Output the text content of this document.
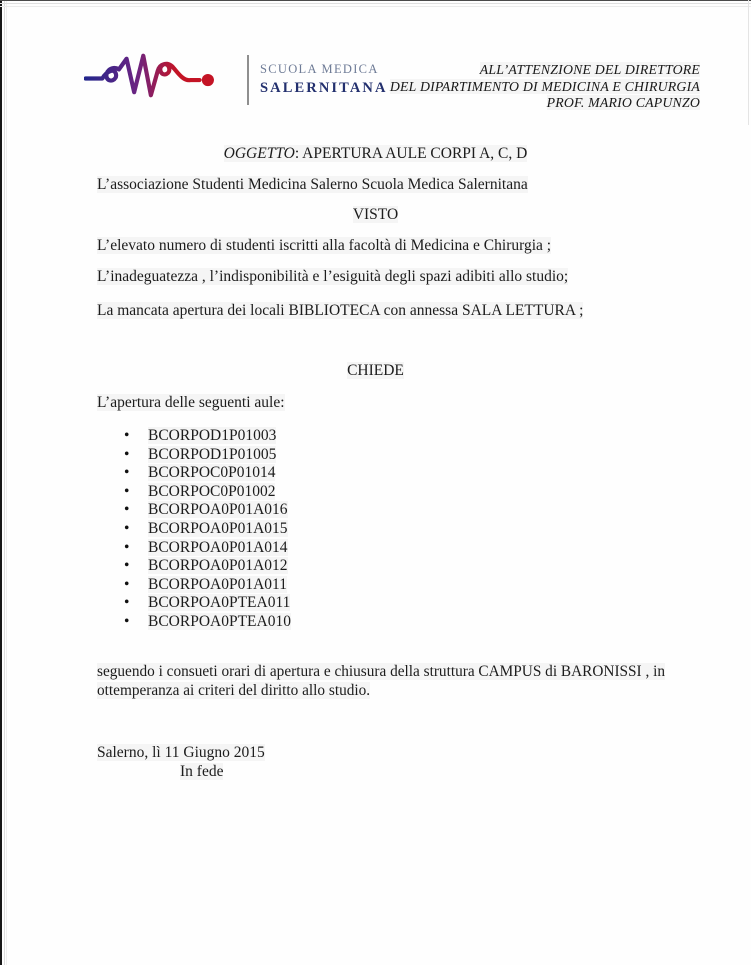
SCUOLA MEDICA
SALERNITANA
ALL’ATTENZIONE DEL DIRETTORE
DEL DIPARTIMENTO DI MEDICINA E CHIRURGIA
PROF. MARIO CAPUNZO
OGGETTO: APERTURA AULE CORPI A, C, D
L’associazione Studenti Medicina Salerno Scuola Medica Salernitana
VISTO
L’elevato numero di studenti iscritti alla facoltà di Medicina e Chirurgia ;
L’inadeguatezza , l’indisponibilità e l’esiguità degli spazi adibiti allo studio;
La mancata apertura dei locali BIBLIOTECA con annessa SALA LETTURA ;
CHIEDE
L’apertura delle seguenti aule:
• BCORPOD1P01003
• BCORPOD1P01005
• BCORPOC0P01014
• BCORPOC0P01002
• BCORPOA0P01A016
• BCORPOA0P01A015
• BCORPOA0P01A014
• BCORPOA0P01A012
• BCORPOA0P01A011
• BCORPOA0PTEA011
• BCORPOA0PTEA010
seguendo i consueti orari di apertura e chiusura della struttura CAMPUS di BARONISSI , in ottemperanza ai criteri del diritto allo studio.
Salerno, lì 11 Giugno 2015
In fede
